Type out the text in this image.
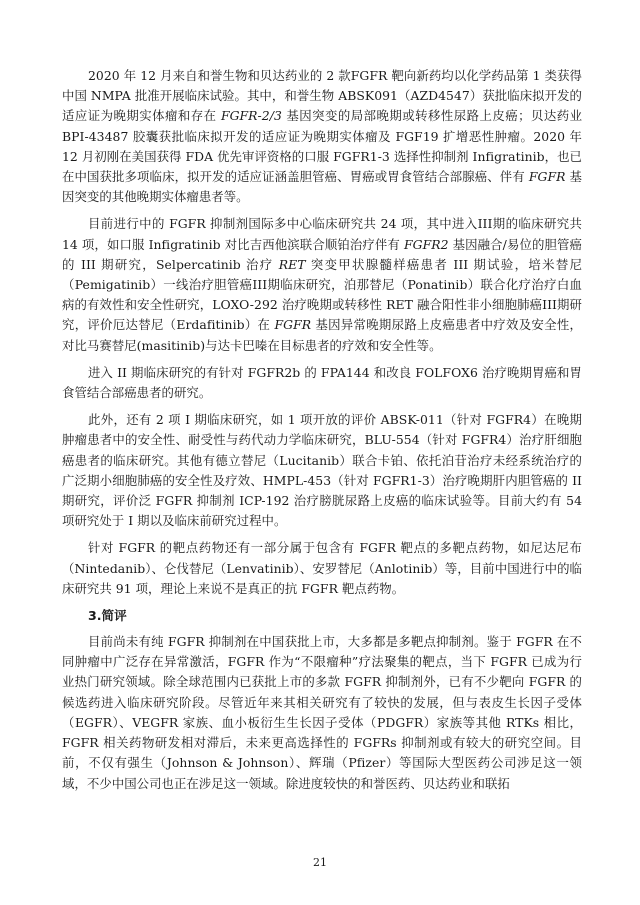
2020 年 12 月来自和誉生物和贝达药业的 2 款FGFR 靶向新药均以化学药品第 1 类获得中国 NMPA 批准开展临床试验。其中，和誉生物 ABSK091（AZD4547）获批临床拟开发的适应证为晚期实体瘤和存在 FGFR-2/3 基因突变的局部晚期或转移性尿路上皮癌；贝达药业 BPI-43487 胶囊获批临床拟开发的适应证为晚期实体瘤及 FGF19 扩增恶性肿瘤。2020 年 12 月初刚在美国获得 FDA 优先审评资格的口服 FGFR1-3 选择性抑制剂 Infigratinib，也已在中国获批多项临床，拟开发的适应证涵盖胆管癌、胃癌或胃食管结合部腺癌、伴有 FGFR 基因突变的其他晚期实体瘤患者等。

目前进行中的 FGFR 抑制剂国际多中心临床研究共 24 项，其中进入III期的临床研究共 14 项，如口服 Infigratinib 对比吉西他滨联合顺铂治疗伴有 FGFR2 基因融合/易位的胆管癌的 III 期研究，Selpercatinib 治疗 RET 突变甲状腺髓样癌患者 III 期试验，培米替尼（Pemigatinib）一线治疗胆管癌III期临床研究，泊那替尼（Ponatinib）联合化疗治疗白血病的有效性和安全性研究，LOXO-292 治疗晚期或转移性 RET 融合阳性非小细胞肺癌III期研究，评价厄达替尼（Erdafitinib）在 FGFR 基因异常晚期尿路上皮癌患者中疗效及安全性，对比马赛替尼(masitinib)与达卡巴嗪在目标患者的疗效和安全性等。

进入 II 期临床研究的有针对 FGFR2b 的 FPA144 和改良 FOLFOX6 治疗晚期胃癌和胃食管结合部癌患者的研究。

此外，还有 2 项 I 期临床研究，如 1 项开放的评价 ABSK-011（针对 FGFR4）在晚期肿瘤患者中的安全性、耐受性与药代动力学临床研究，BLU-554（针对 FGFR4）治疗肝细胞癌患者的临床研究。其他有德立替尼（Lucitanib）联合卡铂、依托泊苷治疗未经系统治疗的广泛期小细胞肺癌的安全性及疗效、HMPL-453（针对 FGFR1-3）治疗晚期肝内胆管癌的 II 期研究，评价泛 FGFR 抑制剂 ICP-192 治疗膀胱尿路上皮癌的临床试验等。目前大约有 54 项研究处于 I 期以及临床前研究过程中。

针对 FGFR 的靶点药物还有一部分属于包含有 FGFR 靶点的多靶点药物，如尼达尼布（Nintedanib）、仑伐替尼（Lenvatinib）、安罗替尼（Anlotinib）等，目前中国进行中的临床研究共 91 项，理论上来说不是真正的抗 FGFR 靶点药物。

3.简评

目前尚未有纯 FGFR 抑制剂在中国获批上市，大多都是多靶点抑制剂。鉴于 FGFR 在不同肿瘤中广泛存在异常激活，FGFR 作为“不限瘤种”疗法聚集的靶点，当下 FGFR 已成为行业热门研究领域。除全球范围内已获批上市的多款 FGFR 抑制剂外，已有不少靶向 FGFR 的候选药进入临床研究阶段。尽管近年来其相关研究有了较快的发展，但与表皮生长因子受体（EGFR）、VEGFR 家族、血小板衍生生长因子受体（PDGFR）家族等其他 RTKs 相比，FGFR 相关药物研发相对滞后，未来更高选择性的 FGFRs 抑制剂或有较大的研究空间。目前，不仅有强生（Johnson & Johnson）、辉瑞（Pfizer）等国际大型医药公司涉足这一领域，不少中国公司也正在涉足这一领域。除进度较快的和誉医药、贝达药业和联拓

21
